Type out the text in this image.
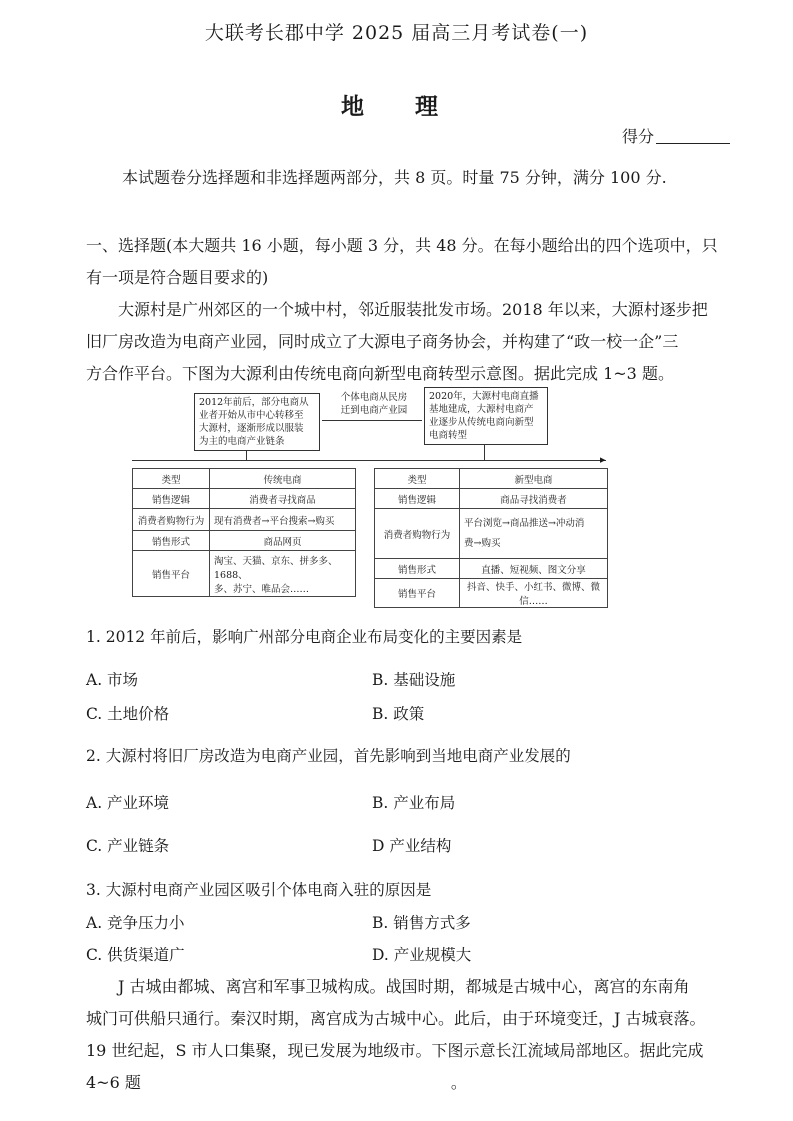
大联考长郡中学 2025 届高三月考试卷(一)
地　理
得分
本试题卷分选择题和非选择题两部分，共 8 页。时量 75 分钟，满分 100 分.
一、选择题(本大题共 16 小题，每小题 3 分，共 48 分。在每小题给出的四个选项中，只
有一项是符合题目要求的)
大源村是广州郊区的一个城中村，邻近服装批发市场。2018 年以来，大源村逐步把
旧厂房改造为电商产业园，同时成立了大源电子商务协会，并构建了“政一校一企”三
方合作平台。下图为大源利由传统电商向新型电商转型示意图。据此完成 1~3 题。
2012年前后，部分电商从
业者开始从市中心转移至
大源村，逐渐形成以服装
为主的电商产业链条
个体电商从民房
迁到电商产业园
2020年，大源村电商直播
基地建成，大源村电商产
业逐步从传统电商向新型
电商转型
▸
类型	传统电商
销售逻辑	消费者寻找商品
消费者购物行为	现有消费者→平台搜索→购买
销售形式	商品网页
销售平台	淘宝、天猫、京东、拼多多、1688、
多、苏宁、唯品会……
类型	新型电商
销售逻辑	商品寻找消费者
消费者购物行为	平台浏览→商品推送→冲动消
费→购买

销售形式	直播、短视频、图文分享
销售平台	抖音、快手、小红书、微博、微信……
1. 2012 年前后，影响广州部分电商企业布局变化的主要因素是
A. 市场	B. 基础设施
C. 土地价格	B. 政策
2. 大源村将旧厂房改造为电商产业园，首先影响到当地电商产业发展的
A. 产业环境	B. 产业布局
C. 产业链条	D 产业结构
3. 大源村电商产业园区吸引个体电商入驻的原因是
A. 竞争压力小	B. 销售方式多
C. 供货渠道广	D. 产业规模大
J 古城由都城、离宫和军事卫城构成。战国时期，都城是古城中心，离宫的东南角
城门可供船只通行。秦汉时期，离宫成为古城中心。此后，由于环境变迁，J 古城衰落。
19 世纪起，S 市人口集聚，现已发展为地级市。下图示意长江流域局部地区。据此完成
4~6 题	。
